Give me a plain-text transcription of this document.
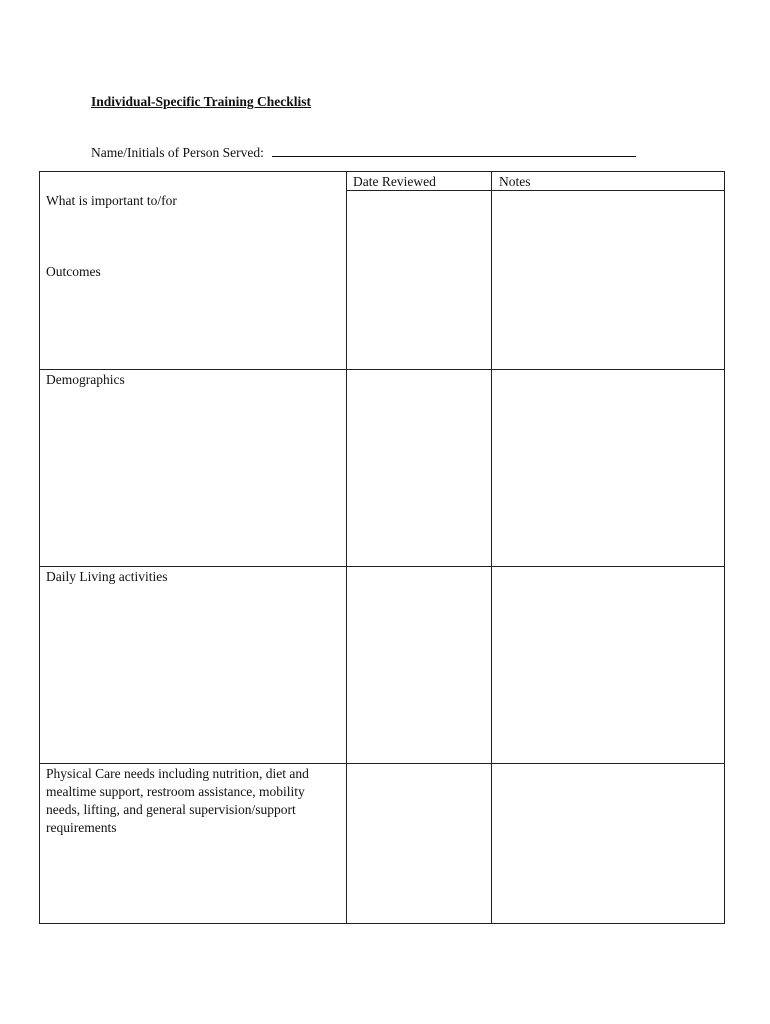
Individual-Specific Training Checklist
Name/Initials of Person Served:
Date Reviewed	Notes
What is important to/for
Outcomes
Demographics
Daily Living activities
Physical Care needs including nutrition, diet and mealtime support, restroom assistance, mobility needs, lifting, and general supervision/support requirements
